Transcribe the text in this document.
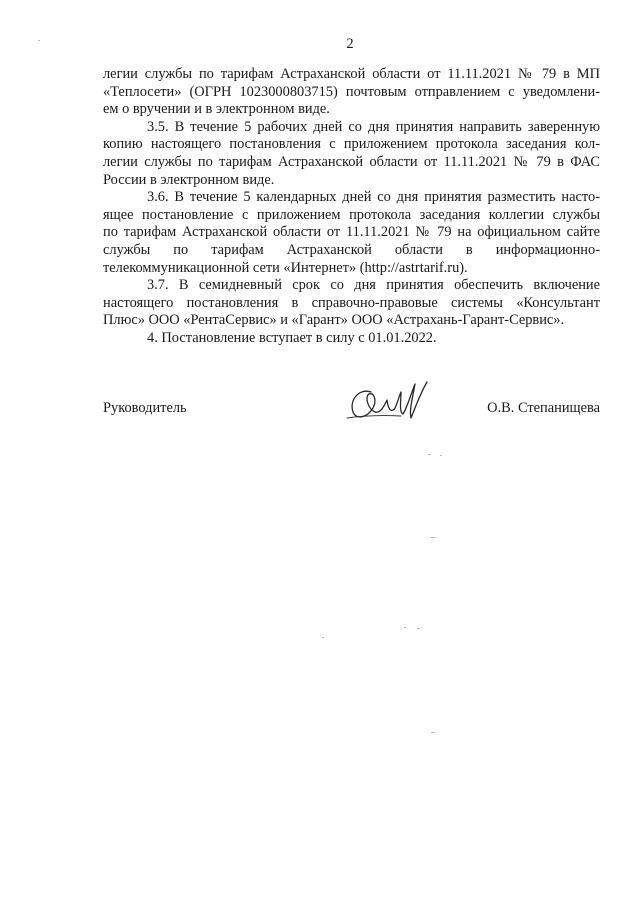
2
легии службы по тарифам Астраханской области от 11.11.2021 № 79 в МП
«Теплосети» (ОГРН 1023000803715) почтовым отправлением с уведомлени-
ем о вручении и в электронном виде.
3.5. В течение 5 рабочих дней со дня принятия направить заверенную
копию настоящего постановления с приложением протокола заседания кол-
легии службы по тарифам Астраханской области от 11.11.2021 № 79 в ФАС
России в электронном виде.
3.6. В течение 5 календарных дней со дня принятия разместить насто-
ящее постановление с приложением протокола заседания коллегии службы
по тарифам Астраханской области от 11.11.2021 № 79 на официальном сайте
службы по тарифам Астраханской области в информационно-
телекоммуникационной сети «Интернет» (http://astrtarif.ru).
3.7. В семидневный срок со дня принятия обеспечить включение
настоящего постановления в справочно-правовые системы «Консультант
Плюс» ООО «РентаСервис» и «Гарант» ООО «Астрахань-Гарант-Сервис».
4. Постановление вступает в силу с 01.01.2022.
Руководитель	О.В. Степанищева
